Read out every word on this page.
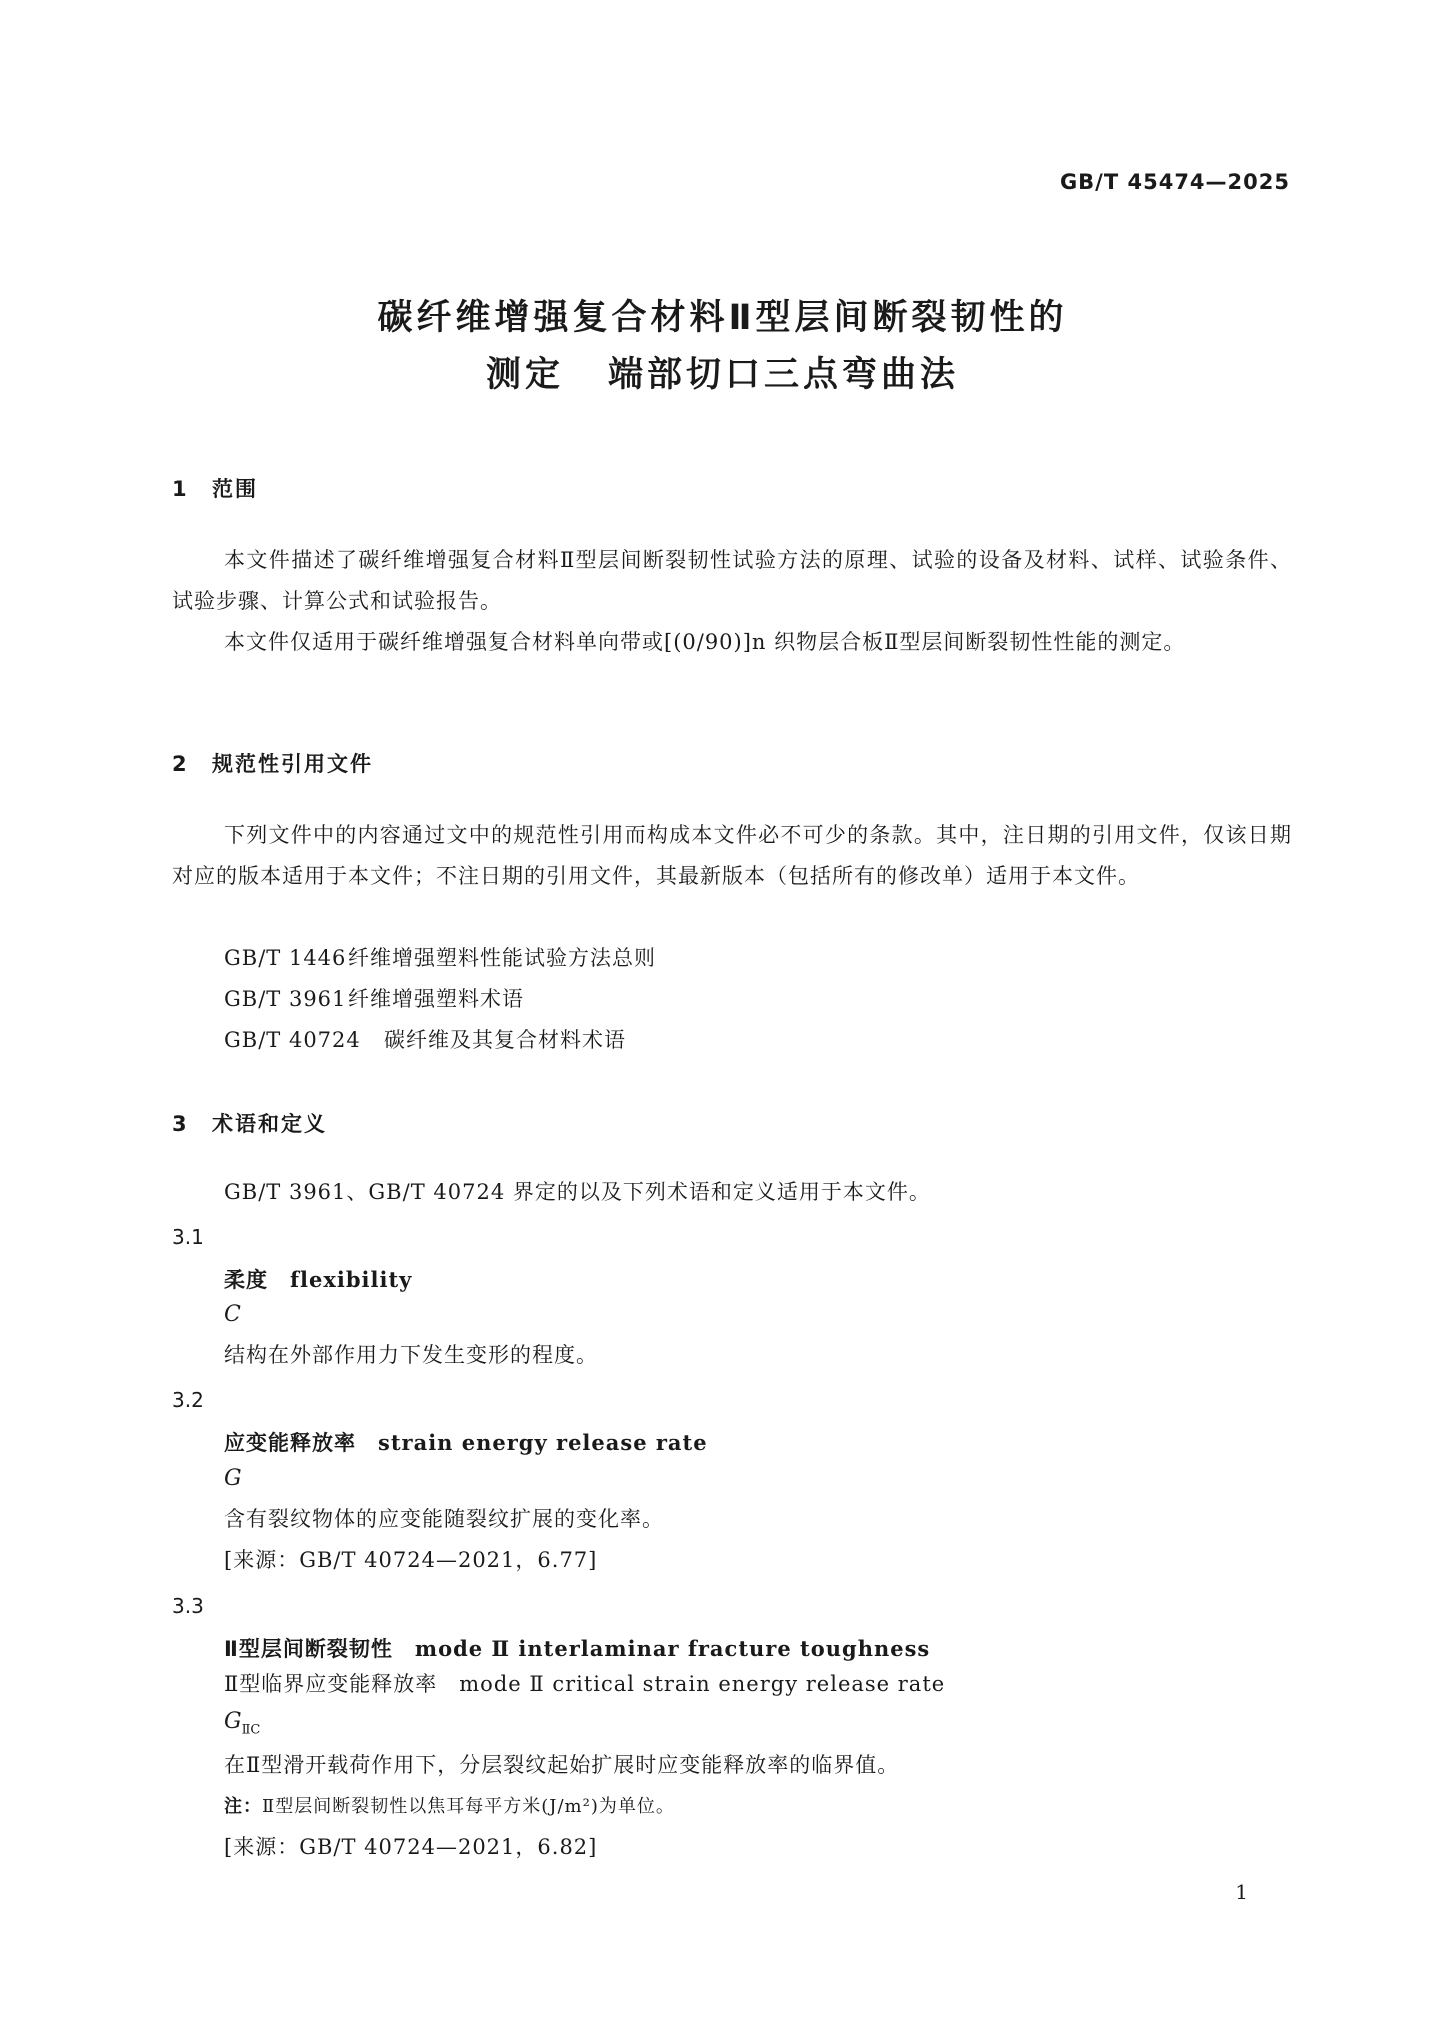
GB/T 45474—2025
碳纤维增强复合材料Ⅱ型层间断裂韧性的
测定 端部切口三点弯曲法
1 范围
本文件描述了碳纤维增强复合材料Ⅱ型层间断裂韧性试验方法的原理、试验的设备及材料、试样、试验条件、试验步骤、计算公式和试验报告。
本文件仅适用于碳纤维增强复合材料单向带或[(0/90)]n 织物层合板Ⅱ型层间断裂韧性性能的测定。
2 规范性引用文件
下列文件中的内容通过文中的规范性引用而构成本文件必不可少的条款。其中，注日期的引用文件，仅该日期对应的版本适用于本文件；不注日期的引用文件，其最新版本（包括所有的修改单）适用于本文件。
GB/T 1446纤维增强塑料性能试验方法总则
GB/T 3961纤维增强塑料术语
GB/T 40724 碳纤维及其复合材料术语
3 术语和定义
GB/T 3961、GB/T 40724 界定的以及下列术语和定义适用于本文件。
3.1
柔度 flexibility
C
结构在外部作用力下发生变形的程度。
3.2
应变能释放率 strain energy release rate
G
含有裂纹物体的应变能随裂纹扩展的变化率。
[来源：GB/T 40724—2021，6.77]
3.3
Ⅱ型层间断裂韧性 mode Ⅱ interlaminar fracture toughness
Ⅱ型临界应变能释放率　mode Ⅱ critical strain energy release rate
$G_{ⅡC}$
在Ⅱ型滑开载荷作用下，分层裂纹起始扩展时应变能释放率的临界值。
注：Ⅱ型层间断裂韧性以焦耳每平方米(J/m²)为单位。
[来源：GB/T 40724—2021，6.82]
1
